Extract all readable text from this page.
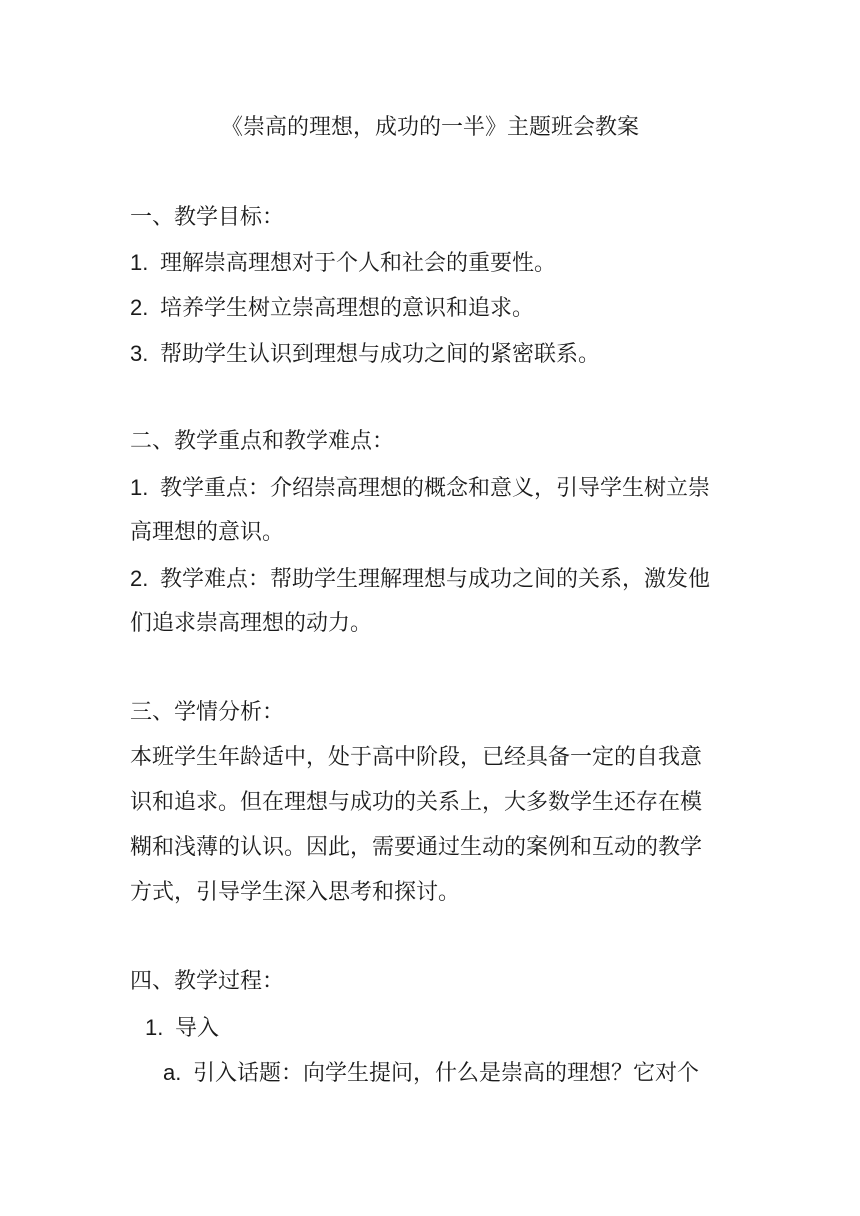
《崇高的理想，成功的一半》主题班会教案
一、教学目标：
1. 理解崇高理想对于个人和社会的重要性。
2. 培养学生树立崇高理想的意识和追求。
3. 帮助学生认识到理想与成功之间的紧密联系。
二、教学重点和教学难点：
1. 教学重点：介绍崇高理想的概念和意义，引导学生树立崇
高理想的意识。
2. 教学难点：帮助学生理解理想与成功之间的关系，激发他
们追求崇高理想的动力。
三、学情分析：
本班学生年龄适中，处于高中阶段，已经具备一定的自我意
识和追求。但在理想与成功的关系上，大多数学生还存在模
糊和浅薄的认识。因此，需要通过生动的案例和互动的教学
方式，引导学生深入思考和探讨。
四、教学过程：
1. 导入
a. 引入话题：向学生提问，什么是崇高的理想？它对个
